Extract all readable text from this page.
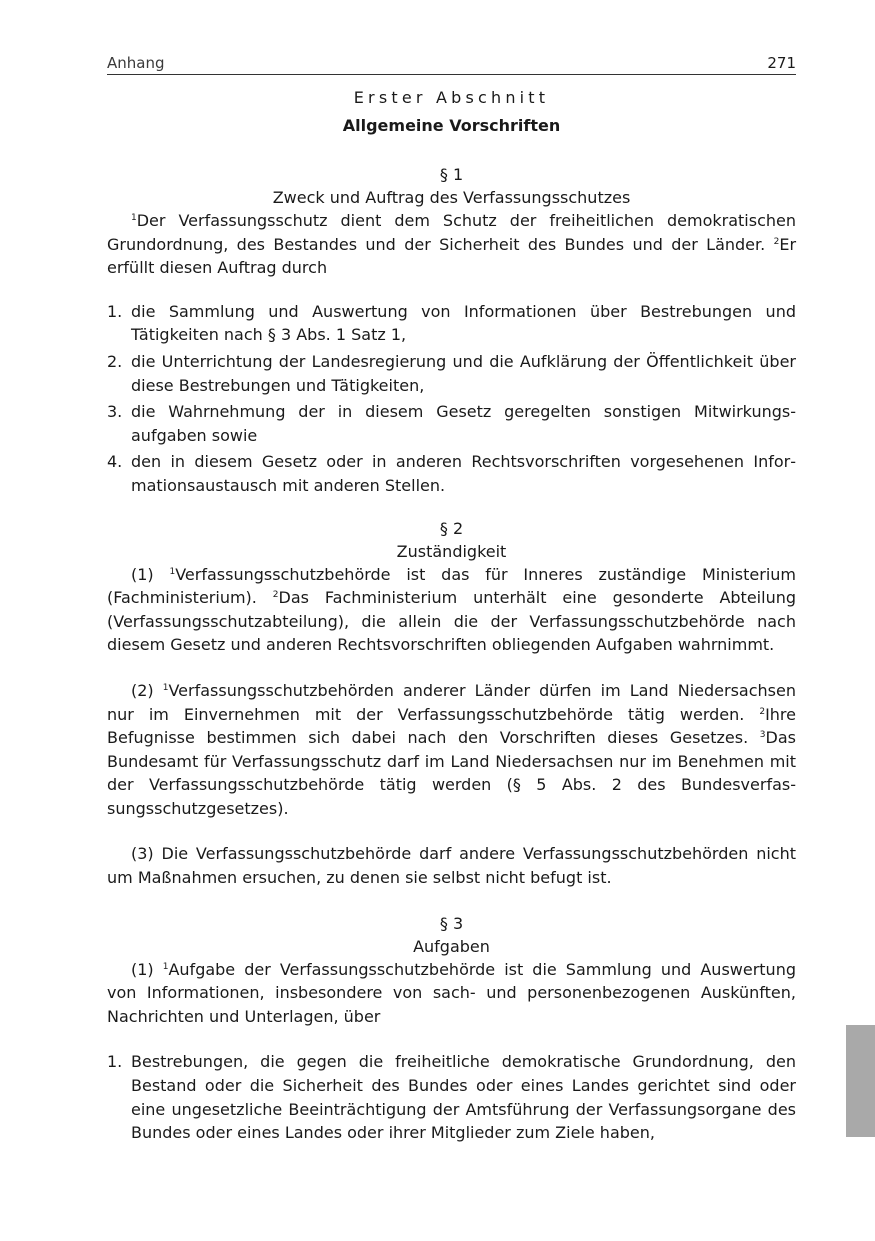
Anhang	271
Erster Abschnitt
Allgemeine Vorschriften
§ 1
Zweck und Auftrag des Verfassungsschutzes

$^1$Der Verfassungsschutz dient dem Schutz der freiheitlichen demokratischen Grundordnung, des Bestandes und der Sicherheit des Bundes und der Länder. $^2$Er erfüllt diesen Auftrag durch

1. die Sammlung und Auswertung von Informationen über Bestrebungen und Tätigkeiten nach § 3 Abs. 1 Satz 1,
2. die Unterrichtung der Landesregierung und die Aufklärung der Öffentlichkeit über diese Bestrebungen und Tätigkeiten,
3. die Wahrnehmung der in diesem Gesetz geregelten sonstigen Mitwirkungsaufgaben sowie
4. den in diesem Gesetz oder in anderen Rechtsvorschriften vorgesehenen Informationsaustausch mit anderen Stellen.
§ 2
Zuständigkeit

(1) $^1$Verfassungsschutzbehörde ist das für Inneres zuständige Ministerium (Fachministerium). $^2$Das Fachministerium unterhält eine gesonderte Abteilung (Verfassungsschutzabteilung), die allein die der Verfassungsschutzbehörde nach diesem Gesetz und anderen Rechtsvorschriften obliegenden Aufgaben wahrnimmt.

(2) $^1$Verfassungsschutzbehörden anderer Länder dürfen im Land Niedersachsen nur im Einvernehmen mit der Verfassungsschutzbehörde tätig werden. $^2$Ihre Befugnisse bestimmen sich dabei nach den Vorschriften dieses Gesetzes. $^3$Das Bundesamt für Verfassungsschutz darf im Land Niedersachsen nur im Benehmen mit der Verfassungsschutzbehörde tätig werden (§ 5 Abs. 2 des Bundesverfassungsschutzgesetzes).

(3) Die Verfassungsschutzbehörde darf andere Verfassungsschutzbehörden nicht um Maßnahmen ersuchen, zu denen sie selbst nicht befugt ist.

§ 3
Aufgaben

(1) $^1$Aufgabe der Verfassungsschutzbehörde ist die Sammlung und Auswertung von Informationen, insbesondere von sach- und personenbezogenen Auskünften, Nachrichten und Unterlagen, über

1. Bestrebungen, die gegen die freiheitliche demokratische Grundordnung, den Bestand oder die Sicherheit des Bundes oder eines Landes gerichtet sind oder eine ungesetzliche Beeinträchtigung der Amtsführung der Verfassungsorgane des Bundes oder eines Landes oder ihrer Mitglieder zum Ziele haben,
